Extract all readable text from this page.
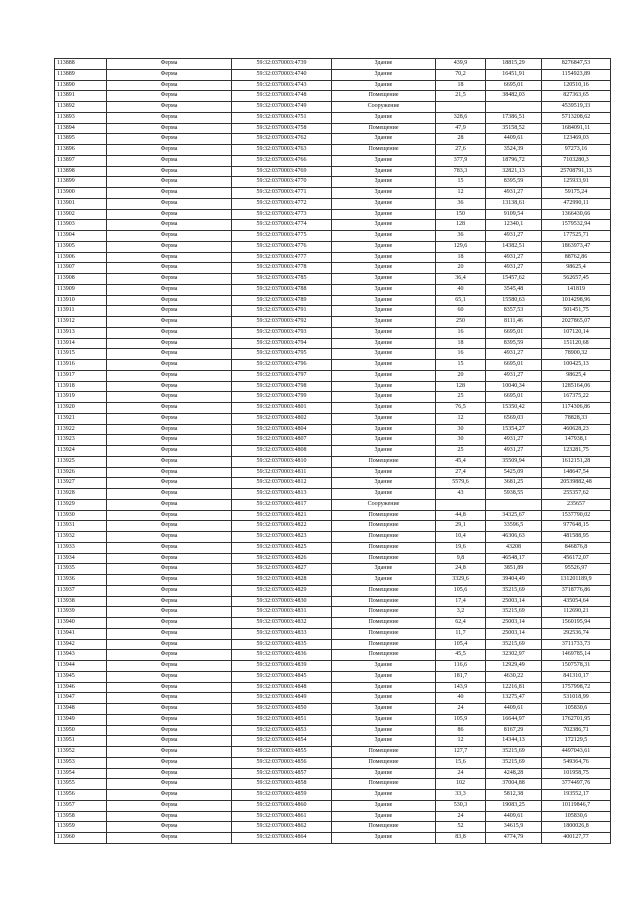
113888	Ферма	59:32:0370003:4739	Здание	439,9	18815,29	8276847,53
113889	Ферма	59:32:0370003:4740	Здание	70,2	16451,91	1154923,89
113890	Ферма	59:32:0370003:4743	Здание	18	6695,01	120510,16
113891	Ферма	59:32:0370003:4748	Помещение	21,5	38482,03	827363,65
113892	Ферма	59:32:0370003:4749	Сооружение			4539519,33
113893	Ферма	59:32:0370003:4751	Здание	328,6	17386,51	5713208,62
113894	Ферма	59:32:0370003:4758	Помещение	47,9	35158,52	1684091,11
113895	Ферма	59:32:0370003:4762	Здание	28	4409,61	123469,03
113896	Ферма	59:32:0370003:4763	Помещение	27,6	3524,39	97273,16
113897	Ферма	59:32:0370003:4766	Здание	377,9	18796,72	7103280,3
113898	Ферма	59:32:0370003:4769	Здание	783,3	32821,13	25708791,13
113899	Ферма	59:32:0370003:4770	Здание	15	8395,59	125933,91
113900	Ферма	59:32:0370003:4771	Здание	12	4931,27	59175,24
113901	Ферма	59:32:0370003:4772	Здание	36	13138,61	472990,11
113902	Ферма	59:32:0370003:4773	Здание	150	9109,54	1366430,66
113903	Ферма	59:32:0370003:4774	Здание	128	12340,1	1579532,94
113904	Ферма	59:32:0370003:4775	Здание	36	4931,27	177525,71
113905	Ферма	59:32:0370003:4776	Здание	129,6	14382,51	1863973,47
113906	Ферма	59:32:0370003:4777	Здание	18	4931,27	88762,86
113907	Ферма	59:32:0370003:4778	Здание	20	4931,27	98625,4
113908	Ферма	59:32:0370003:4785	Здание	36,4	15457,62	562657,45
113909	Ферма	59:32:0370003:4788	Здание	40	3545,48	141819
113910	Ферма	59:32:0370003:4789	Здание	65,1	15580,63	1014298,96
113911	Ферма	59:32:0370003:4791	Здание	60	8357,53	501451,75
113912	Ферма	59:32:0370003:4792	Здание	250	8111,46	2027865,07
113913	Ферма	59:32:0370003:4793	Здание	16	6695,01	107120,14
113914	Ферма	59:32:0370003:4794	Здание	18	8395,59	151120,68
113915	Ферма	59:32:0370003:4795	Здание	16	4931,27	78900,32
113916	Ферма	59:32:0370003:4796	Здание	15	6695,01	100425,13
113917	Ферма	59:32:0370003:4797	Здание	20	4931,27	98625,4
113918	Ферма	59:32:0370003:4798	Здание	128	10040,34	1285164,06
113919	Ферма	59:32:0370003:4799	Здание	25	6695,01	167375,22
113920	Ферма	59:32:0370003:4801	Здание	76,5	15350,42	1174306,86
113921	Ферма	59:32:0370003:4802	Здание	12	6569,03	78828,33
113922	Ферма	59:32:0370003:4804	Здание	30	15354,27	460628,23
113923	Ферма	59:32:0370003:4807	Здание	30	4931,27	147938,1
113924	Ферма	59:32:0370003:4808	Здание	25	4931,27	123281,75
113925	Ферма	59:32:0370003:4810	Помещение	45,4	35509,94	1612151,28
113926	Ферма	59:32:0370003:4811	Здание	27,4	5425,09	148647,54
113927	Ферма	59:32:0370003:4812	Здание	5579,6	3681,25	20539882,48
113928	Ферма	59:32:0370003:4813	Здание	43	5938,55	255357,62
113929	Ферма	59:32:0370003:4817	Сооружение			235657
113930	Ферма	59:32:0370003:4821	Помещение	44,8	34325,67	1537790,02
113931	Ферма	59:32:0370003:4822	Помещение	29,1	33596,5	977648,15
113932	Ферма	59:32:0370003:4823	Помещение	10,4	46306,63	481588,95
113933	Ферма	59:32:0370003:4825	Помещение	19,6	43208	846876,8
113934	Ферма	59:32:0370003:4826	Помещение	9,8	46548,17	456172,07
113935	Ферма	59:32:0370003:4827	Здание	24,8	3851,89	95526,97
113936	Ферма	59:32:0370003:4828	Здание	3329,6	39404,49	131201189,9
113937	Ферма	59:32:0370003:4829	Помещение	105,6	35215,69	3718776,86
113938	Ферма	59:32:0370003:4830	Помещение	17,4	25003,14	435054,64
113939	Ферма	59:32:0370003:4831	Помещение	3,2	35215,69	112690,21
113940	Ферма	59:32:0370003:4832	Помещение	62,4	25003,14	1560195,94
113941	Ферма	59:32:0370003:4833	Помещение	11,7	25003,14	292536,74
113942	Ферма	59:32:0370003:4835	Помещение	105,4	35215,69	3711733,73
113943	Ферма	59:32:0370003:4836	Помещение	45,5	32302,97	1469785,14
113944	Ферма	59:32:0370003:4839	Здание	116,6	12929,49	1507578,31
113945	Ферма	59:32:0370003:4845	Здание	181,7	4630,22	841310,17
113946	Ферма	59:32:0370003:4848	Здание	143,9	12216,81	1757998,72
113947	Ферма	59:32:0370003:4849	Здание	40	13275,47	531018,99
113948	Ферма	59:32:0370003:4850	Здание	24	4409,61	105830,6
113949	Ферма	59:32:0370003:4851	Здание	105,9	16644,97	1762701,95
113950	Ферма	59:32:0370003:4853	Здание	86	8167,29	702386,71
113951	Ферма	59:32:0370003:4854	Здание	12	14344,13	172129,5
113952	Ферма	59:32:0370003:4855	Помещение	127,7	35215,69	4497043,61
113953	Ферма	59:32:0370003:4856	Помещение	15,6	35215,69	549364,76
113954	Ферма	59:32:0370003:4857	Здание	24	4248,28	101958,75
113955	Ферма	59:32:0370003:4858	Помещение	102	37004,88	3774497,76
113956	Ферма	59:32:0370003:4859	Здание	33,3	5812,38	193552,17
113957	Ферма	59:32:0370003:4860	Здание	530,3	19083,25	10119846,7
113958	Ферма	59:32:0370003:4861	Здание	24	4409,61	105830,6
113959	Ферма	59:32:0370003:4862	Помещение	52	34615,9	1800026,8
113960	Ферма	59:32:0370003:4864	Здание	83,8	4774,79	400127,77
